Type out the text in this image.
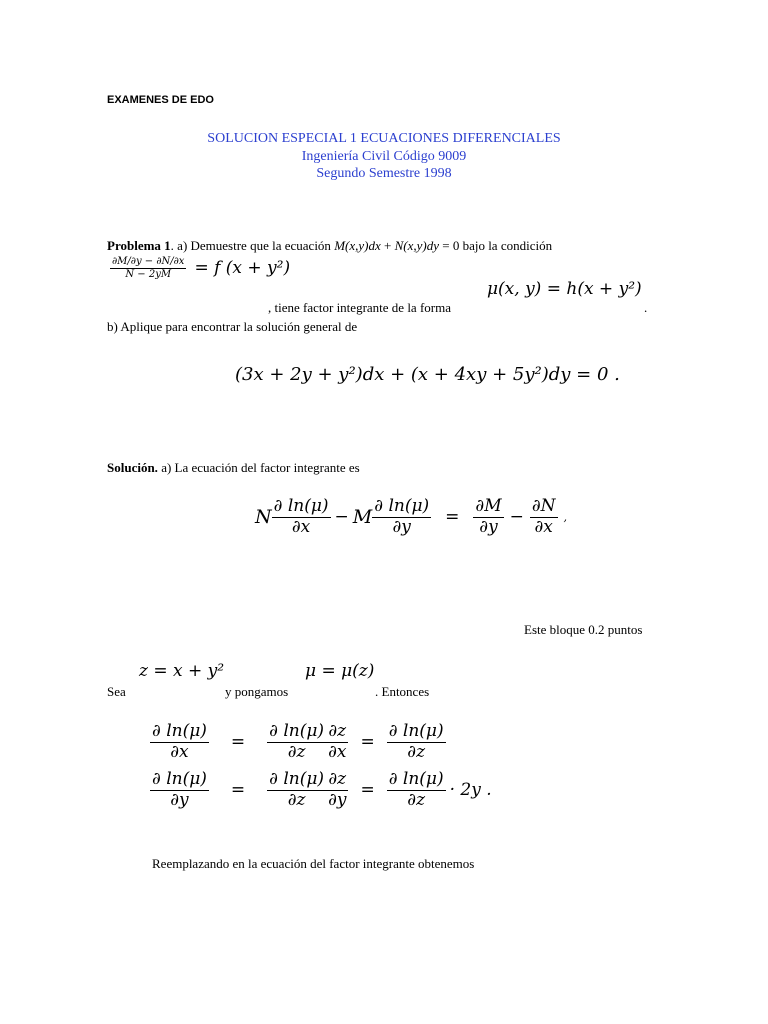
EXAMENES DE EDO
SOLUCION ESPECIAL 1 ECUACIONES DIFERENCIALES
Ingeniería Civil Código 9009
Segundo Semestre 1998
Problema 1. a) Demuestre que la ecuación M(x,y)dx + N(x,y)dy = 0 bajo la condición
$\frac{\partial M/\partial y - \partial N/\partial x}{N - 2yM} = f$ (x + y²)
, tiene factor integrante de la forma
μ(x, y) = h(x + y²)
.
b) Aplique para encontrar la solución general de
(3x + 2y + y²)dx + (x + 4xy + 5y²)dy = 0 .
Solución. a) La ecuación del factor integrante es
N $\frac{\partial \ln(\mu)}{\partial x} - M \frac{\partial \ln(\mu)}{\partial y} = \frac{\partial M}{\partial y} - \frac{\partial N}{\partial x}$ ,
Este bloque 0.2 puntos
z = x + y²	μ = μ(z)
Sea	y pongamos	. Entonces
$\frac{\partial \ln(\mu)}{\partial x} = \frac{\partial \ln(\mu)}{\partial z} \frac{\partial z}{\partial x} = \frac{\partial \ln(\mu)}{\partial z}$
$\frac{\partial \ln(\mu)}{\partial y} = \frac{\partial \ln(\mu)}{\partial z} \frac{\partial z}{\partial y} = \frac{\partial \ln(\mu)}{\partial z} \cdot 2y$ .
Reemplazando en la ecuación del factor integrante obtenemos
